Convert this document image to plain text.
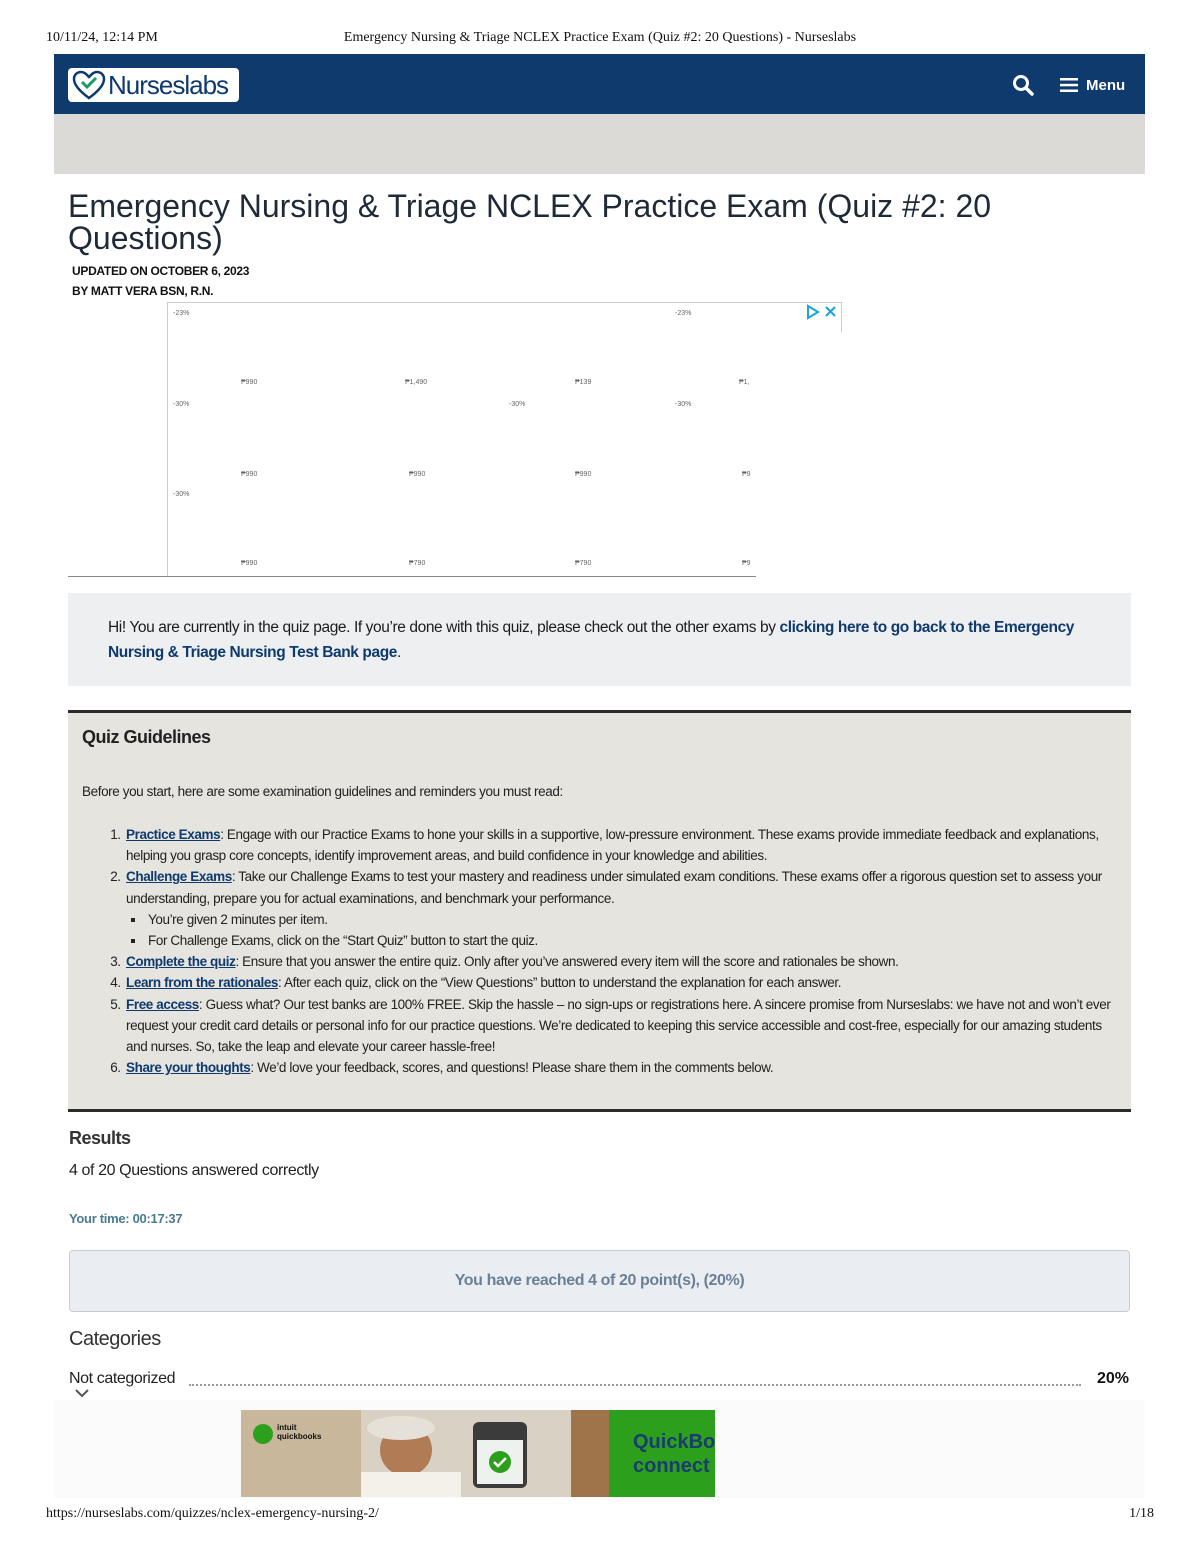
10/11/24, 12:14 PM	Emergency Nursing & Triage NCLEX Practice Exam (Quiz #2: 20 Questions) - Nurseslabs
Nurseslabs	Menu
Emergency Nursing & Triage NCLEX Practice Exam (Quiz #2: 20 Questions)
UPDATED ON OCTOBER 6, 2023
BY MATT VERA BSN, R.N.
-23%	-23%
₱990	₱1,490	₱139	₱1,
-30%	-30%	-30%
₱990	₱990	₱990	₱9
-30%
₱990	₱790	₱790	₱9
Hi! You are currently in the quiz page. If you’re done with this quiz, please check out the other exams by clicking here to go back to the Emergency Nursing & Triage Nursing Test Bank page.
Quiz Guidelines

Before you start, here are some examination guidelines and reminders you must read:

1. Practice Exams: Engage with our Practice Exams to hone your skills in a supportive, low-pressure environment. These exams provide immediate feedback and explanations, helping you grasp core concepts, identify improvement areas, and build confidence in your knowledge and abilities.
2. Challenge Exams: Take our Challenge Exams to test your mastery and readiness under simulated exam conditions. These exams offer a rigorous question set to assess your understanding, prepare you for actual examinations, and benchmark your performance.
▪ You’re given 2 minutes per item.
▪ For Challenge Exams, click on the “Start Quiz” button to start the quiz.
3. Complete the quiz: Ensure that you answer the entire quiz. Only after you’ve answered every item will the score and rationales be shown.
4. Learn from the rationales: After each quiz, click on the “View Questions” button to understand the explanation for each answer.
5. Free access: Guess what? Our test banks are 100% FREE. Skip the hassle – no sign-ups or registrations here. A sincere promise from Nurseslabs: we have not and won’t ever request your credit card details or personal info for our practice questions. We’re dedicated to keeping this service accessible and cost-free, especially for our amazing students and nurses. So, take the leap and elevate your career hassle-free!
6. Share your thoughts: We’d love your feedback, scores, and questions! Please share them in the comments below.
Results
4 of 20 Questions answered correctly
Your time: 00:17:37
You have reached 4 of 20 point(s), (20%)
Categories
Not categorized	20%
intuit quickbooks	QuickBo
connect
https://nurseslabs.com/quizzes/nclex-emergency-nursing-2/	1/18
